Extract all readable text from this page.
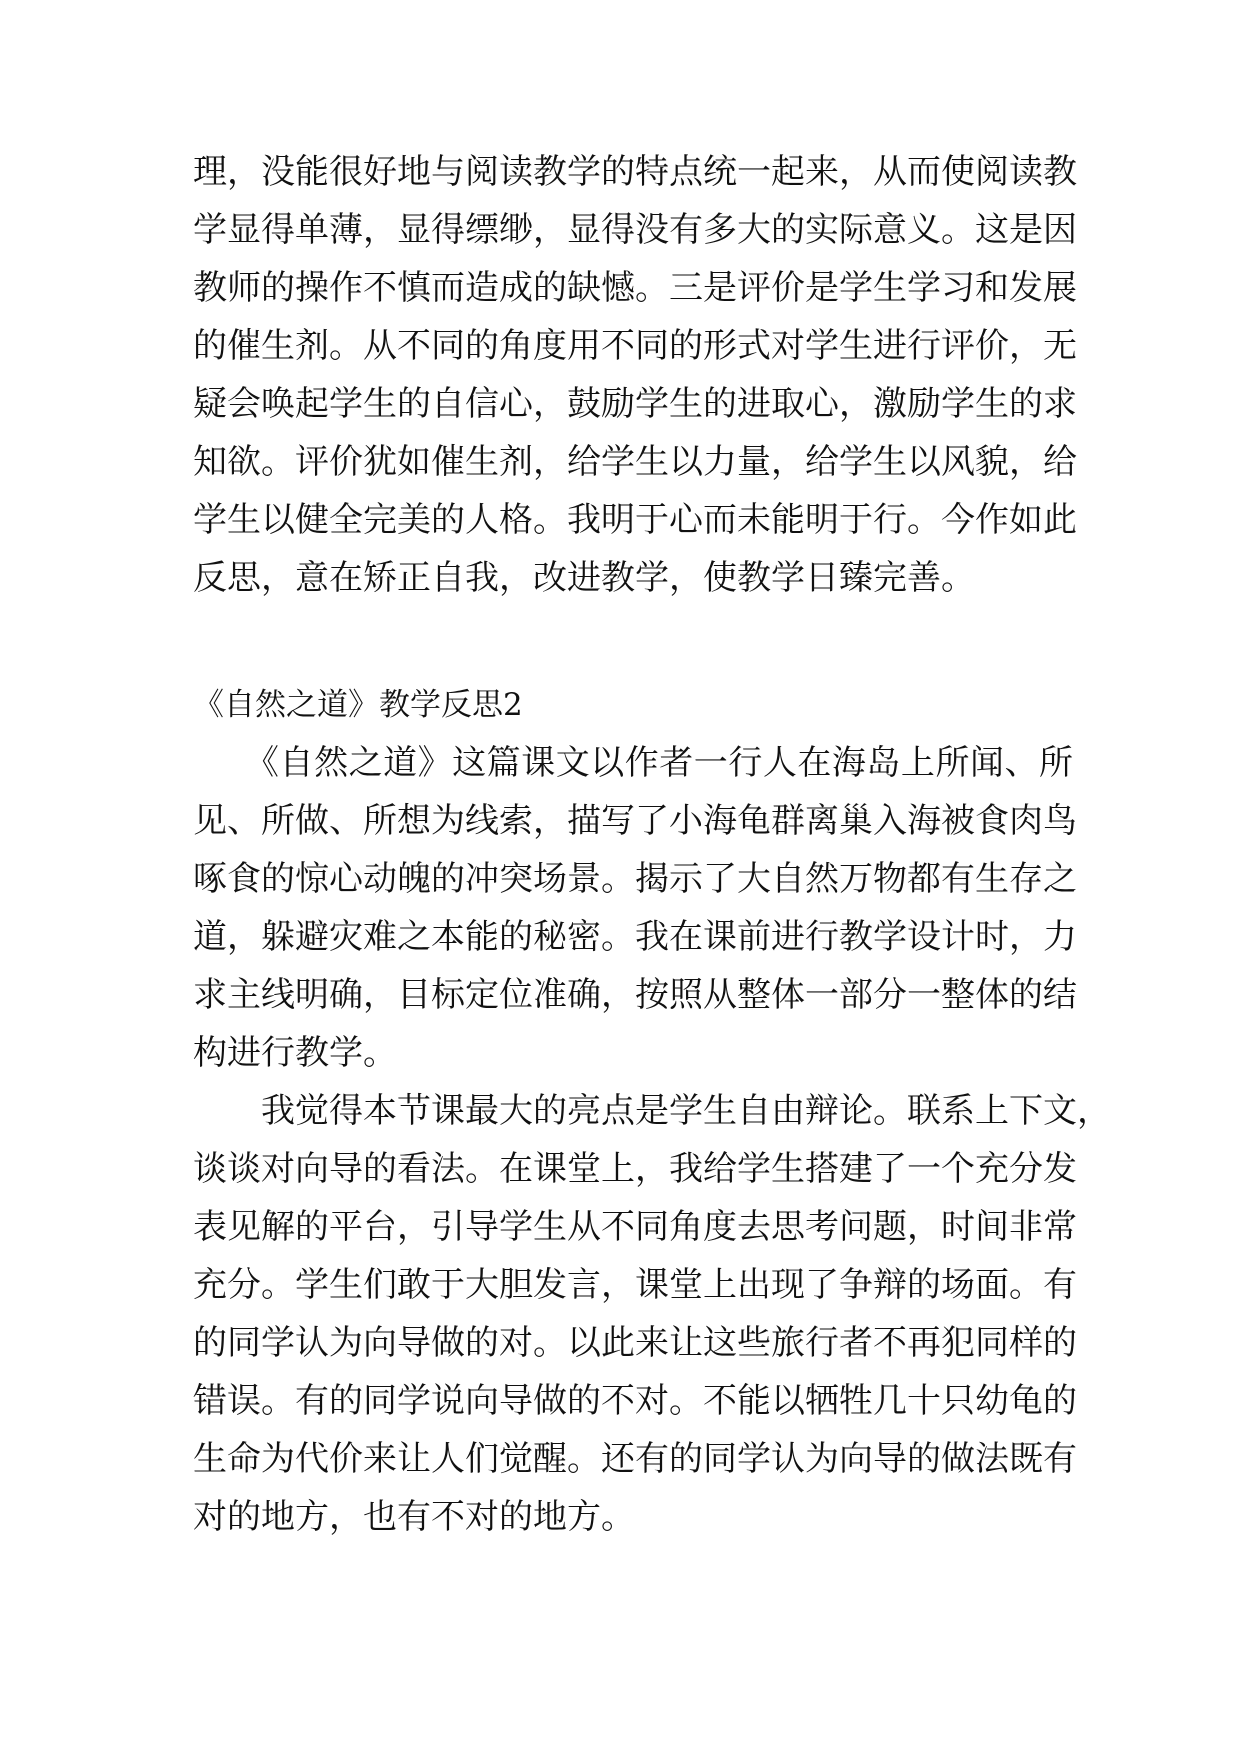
理，没能很好地与阅读教学的特点统一起来，从而使阅读教
学显得单薄，显得缥缈，显得没有多大的实际意义。这是因
教师的操作不慎而造成的缺憾。三是评价是学生学习和发展
的催生剂。从不同的角度用不同的形式对学生进行评价，无
疑会唤起学生的自信心，鼓励学生的进取心，激励学生的求
知欲。评价犹如催生剂，给学生以力量，给学生以风貌，给
学生以健全完美的人格。我明于心而未能明于行。今作如此
反思，意在矫正自我，改进教学，使教学日臻完善。
《自然之道》教学反思2
　　《自然之道》这篇课文以作者一行人在海岛上所闻、所
见、所做、所想为线索，描写了小海龟群离巢入海被食肉鸟
啄食的惊心动魄的冲突场景。揭示了大自然万物都有生存之
道，躲避灾难之本能的秘密。我在课前进行教学设计时，力
求主线明确，目标定位准确，按照从整体一部分一整体的结
构进行教学。
　　我觉得本节课最大的亮点是学生自由辩论。联系上下文，
谈谈对向导的看法。在课堂上，我给学生搭建了一个充分发
表见解的平台，引导学生从不同角度去思考问题，时间非常
充分。学生们敢于大胆发言，课堂上出现了争辩的场面。有
的同学认为向导做的对。以此来让这些旅行者不再犯同样的
错误。有的同学说向导做的不对。不能以牺牲几十只幼龟的
生命为代价来让人们觉醒。还有的同学认为向导的做法既有
对的地方，也有不对的地方。
